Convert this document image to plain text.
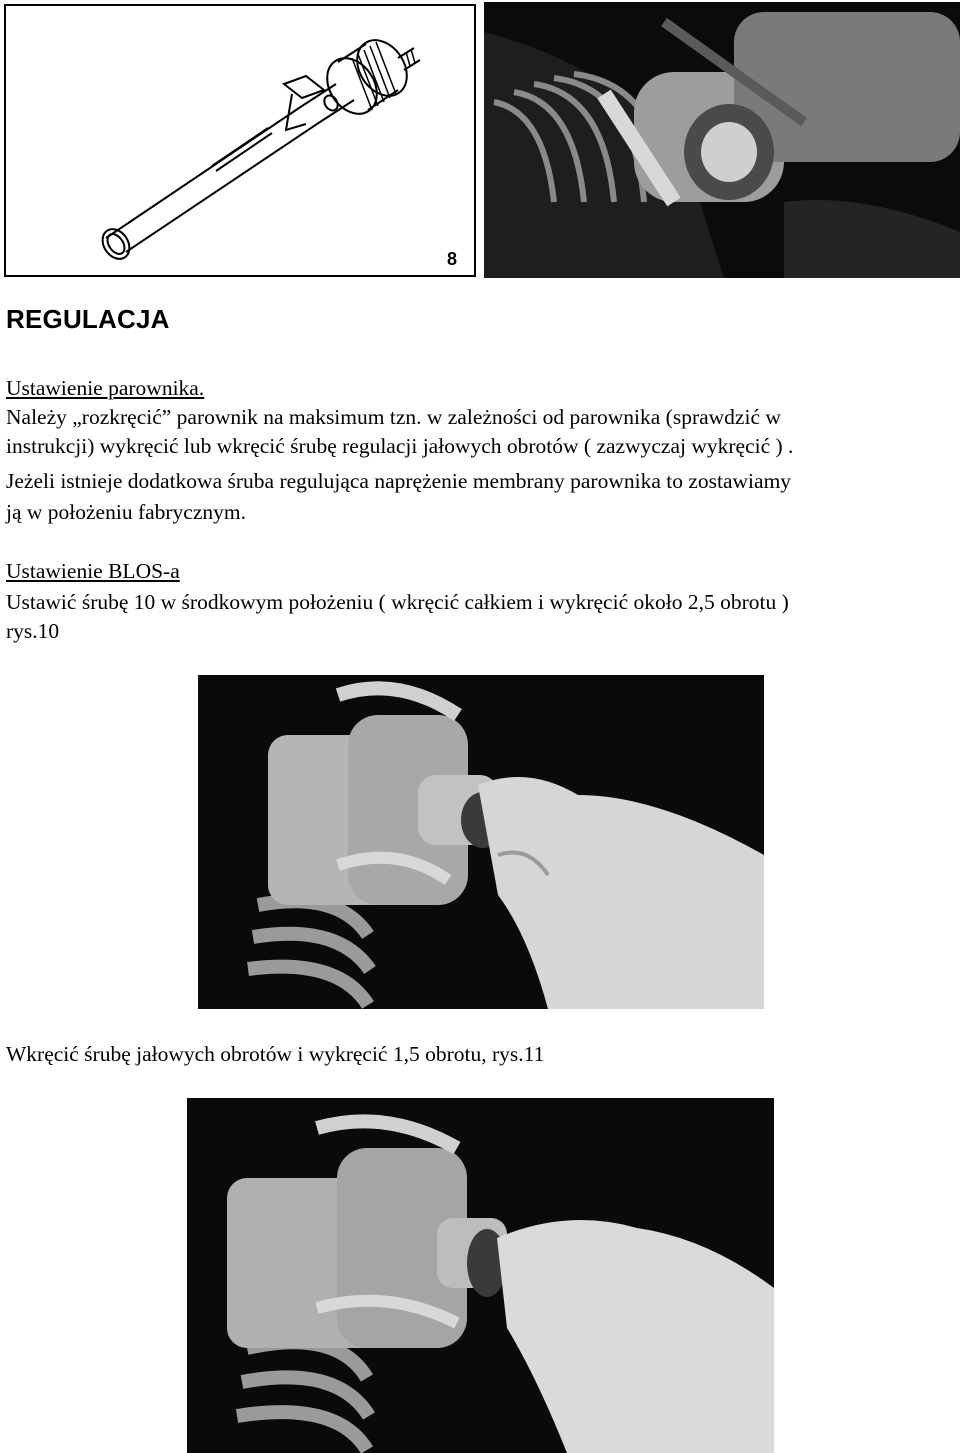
8
REGULACJA
Ustawienie parownika.
Należy „rozkręcić” parownik na maksimum tzn. w zależności od parownika (sprawdzić w
instrukcji) wykręcić lub wkręcić śrubę regulacji jałowych obrotów ( zazwyczaj wykręcić ) .
Jeżeli istnieje dodatkowa śruba regulująca naprężenie membrany parownika to zostawiamy
ją w położeniu fabrycznym.
Ustawienie BLOS-a
Ustawić śrubę 10 w środkowym położeniu ( wkręcić całkiem i wykręcić około 2,5 obrotu )
rys.10
Wkręcić śrubę jałowych obrotów i wykręcić 1,5 obrotu, rys.11
